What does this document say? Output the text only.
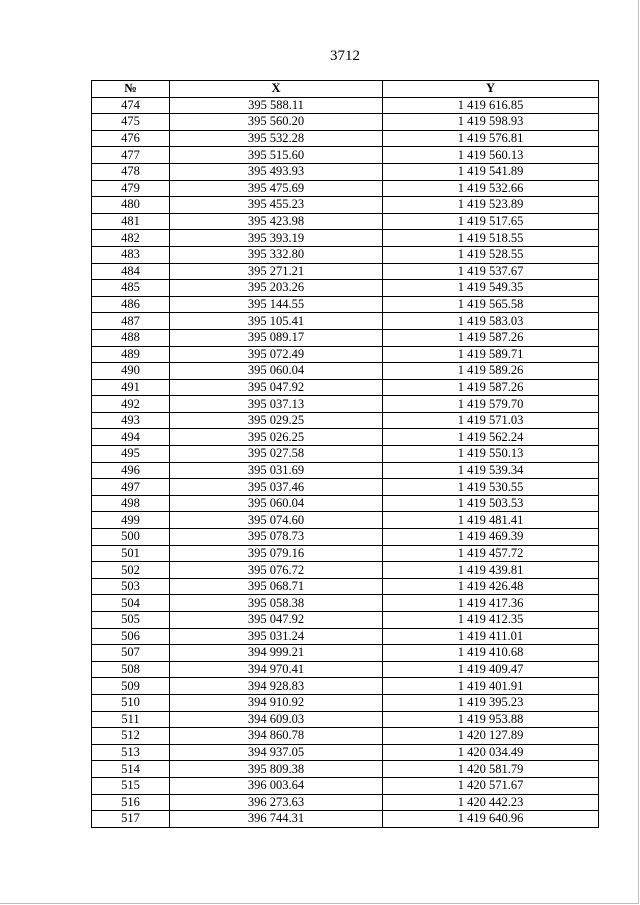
3712
№	X	Y
474	395 588.11	1 419 616.85
475	395 560.20	1 419 598.93
476	395 532.28	1 419 576.81
477	395 515.60	1 419 560.13
478	395 493.93	1 419 541.89
479	395 475.69	1 419 532.66
480	395 455.23	1 419 523.89
481	395 423.98	1 419 517.65
482	395 393.19	1 419 518.55
483	395 332.80	1 419 528.55
484	395 271.21	1 419 537.67
485	395 203.26	1 419 549.35
486	395 144.55	1 419 565.58
487	395 105.41	1 419 583.03
488	395 089.17	1 419 587.26
489	395 072.49	1 419 589.71
490	395 060.04	1 419 589.26
491	395 047.92	1 419 587.26
492	395 037.13	1 419 579.70
493	395 029.25	1 419 571.03
494	395 026.25	1 419 562.24
495	395 027.58	1 419 550.13
496	395 031.69	1 419 539.34
497	395 037.46	1 419 530.55
498	395 060.04	1 419 503.53
499	395 074.60	1 419 481.41
500	395 078.73	1 419 469.39
501	395 079.16	1 419 457.72
502	395 076.72	1 419 439.81
503	395 068.71	1 419 426.48
504	395 058.38	1 419 417.36
505	395 047.92	1 419 412.35
506	395 031.24	1 419 411.01
507	394 999.21	1 419 410.68
508	394 970.41	1 419 409.47
509	394 928.83	1 419 401.91
510	394 910.92	1 419 395.23
511	394 609.03	1 419 953.88
512	394 860.78	1 420 127.89
513	394 937.05	1 420 034.49
514	395 809.38	1 420 581.79
515	396 003.64	1 420 571.67
516	396 273.63	1 420 442.23
517	396 744.31	1 419 640.96
